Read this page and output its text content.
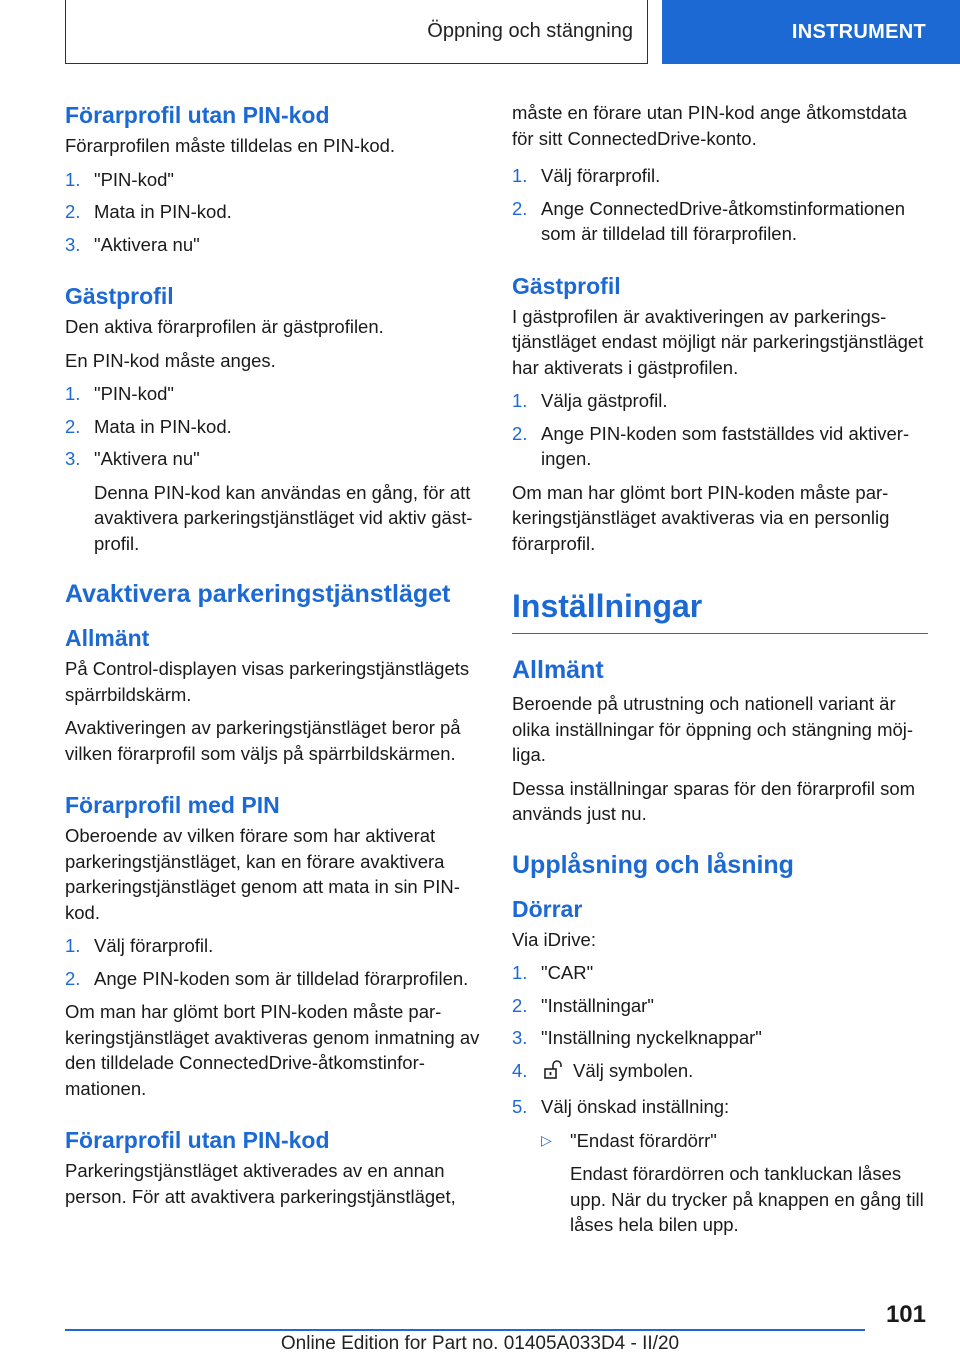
Öppning och stängning	INSTRUMENT
Förarprofil utan PIN-kod

Förarprofilen måste tilldelas en PIN-kod.

1. "PIN-kod"
2. Mata in PIN-kod.
3. "Aktivera nu"
Gästprofil

Den aktiva förarprofilen är gästprofilen.

En PIN-kod måste anges.

1. "PIN-kod"
2. Mata in PIN-kod.
3. "Aktivera nu"
Denna PIN-kod kan användas en gång, för att avaktivera parkeringstjänstläget vid aktiv gästprofil.
Avaktivera parkeringstjänstläget
Allmänt

På Control-displayen visas parkeringstjänstlägets spärrbildskärm.

Avaktiveringen av parkeringstjänstläget beror på vilken förarprofil som väljs på spärrbildskärmen.

Förarprofil med PIN

Oberoende av vilken förare som har aktiverat parkeringstjänstläget, kan en förare avaktivera parkeringstjänstläget genom att mata in sin PIN-kod.

1. Välj förarprofil.
2. Ange PIN-koden som är tilldelad förarprofilen.

Om man har glömt bort PIN-koden måste parkeringstjänstläget avaktiveras genom inmatning av den tilldelade ConnectedDrive-åtkomstinformationen.

Förarprofil utan PIN-kod

Parkeringstjänstläget aktiverades av en annan person. För att avaktivera parkeringstjänstläget,

måste en förare utan PIN-kod ange åtkomstdata för sitt ConnectedDrive-konto.

1. Välj förarprofil.
2. Ange ConnectedDrive-åtkomstinformationen som är tilldelad till förarprofilen.
Gästprofil

I gästprofilen är avaktiveringen av parkeringstjänstläget endast möjligt när parkeringstjänstläget har aktiverats i gästprofilen.

1. Välja gästprofil.
2. Ange PIN-koden som fastställdes vid aktiveringen.

Om man har glömt bort PIN-koden måste parkeringstjänstläget avaktiveras via en personlig förarprofil.

Inställningar
Allmänt

Beroende på utrustning och nationell variant är olika inställningar för öppning och stängning möjliga.

Dessa inställningar sparas för den förarprofil som används just nu.

Upplåsning och låsning
Dörrar

Via iDrive:

1. "CAR"
2. "Inställningar"
3. "Inställning nyckelknappar"
4.	Välj symbolen.
5. Välj önskad inställning:
▷ "Endast förardörr"
Endast förardörren och tankluckan låses upp. När du trycker på knappen en gång till låses hela bilen upp.
101
Online Edition for Part no. 01405A033D4 - II/20
